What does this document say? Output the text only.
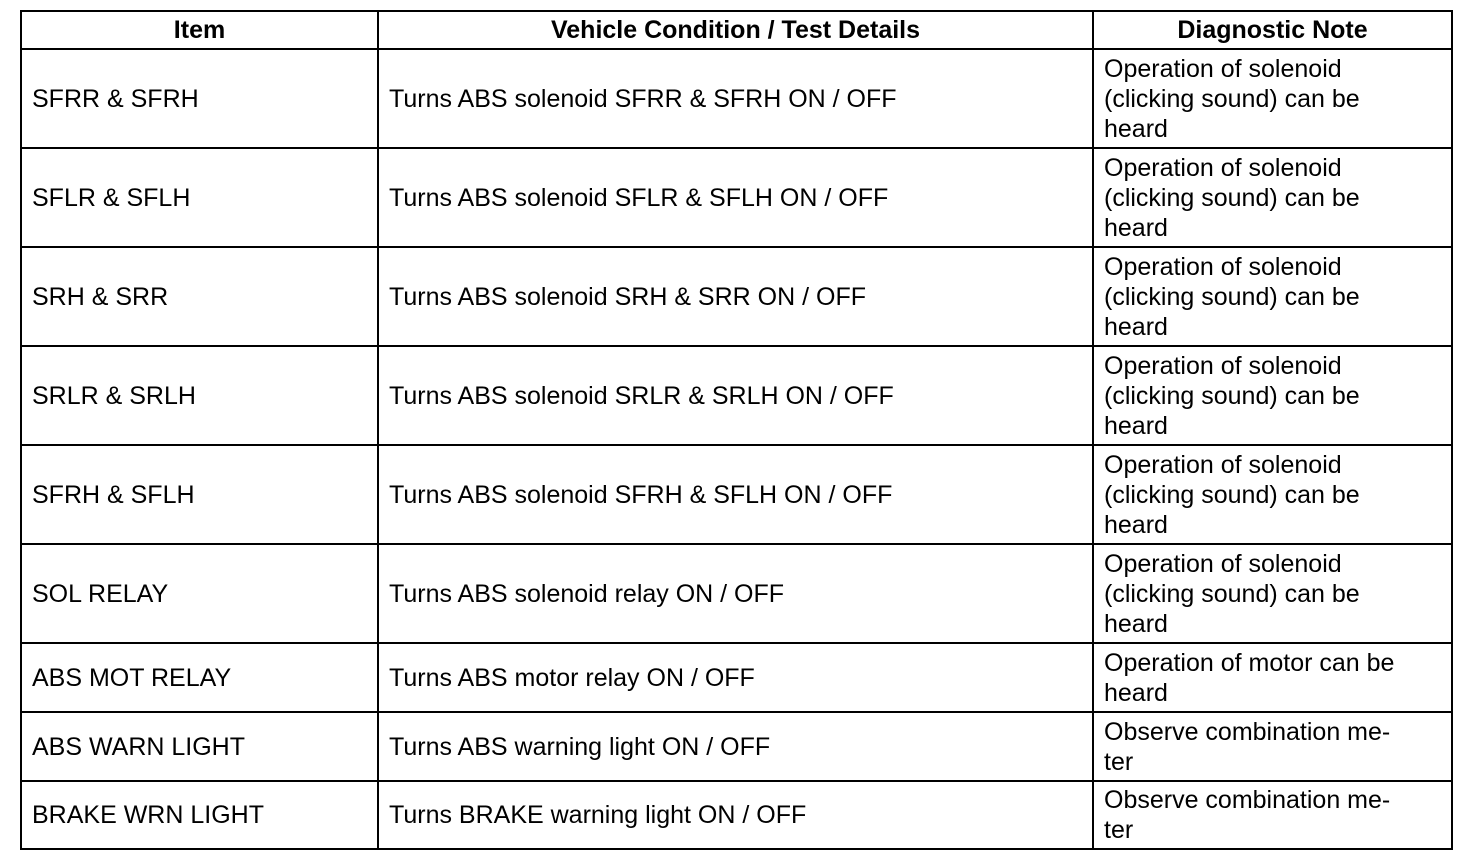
Item	Vehicle Condition / Test Details	Diagnostic Note
SFRR & SFRH	Turns ABS solenoid SFRR & SFRH ON / OFF	Operation of solenoid
(clicking sound) can be
heard
SFLR & SFLH	Turns ABS solenoid SFLR & SFLH ON / OFF	Operation of solenoid
(clicking sound) can be
heard
SRH & SRR	Turns ABS solenoid SRH & SRR ON / OFF	Operation of solenoid
(clicking sound) can be
heard
SRLR & SRLH	Turns ABS solenoid SRLR & SRLH ON / OFF	Operation of solenoid
(clicking sound) can be
heard
SFRH & SFLH	Turns ABS solenoid SFRH & SFLH ON / OFF	Operation of solenoid
(clicking sound) can be
heard
SOL RELAY	Turns ABS solenoid relay ON / OFF	Operation of solenoid
(clicking sound) can be
heard
ABS MOT RELAY	Turns ABS motor relay ON / OFF	Operation of motor can be
heard
ABS WARN LIGHT	Turns ABS warning light ON / OFF	Observe combination me-
ter
BRAKE WRN LIGHT	Turns BRAKE warning light ON / OFF	Observe combination me-
ter
